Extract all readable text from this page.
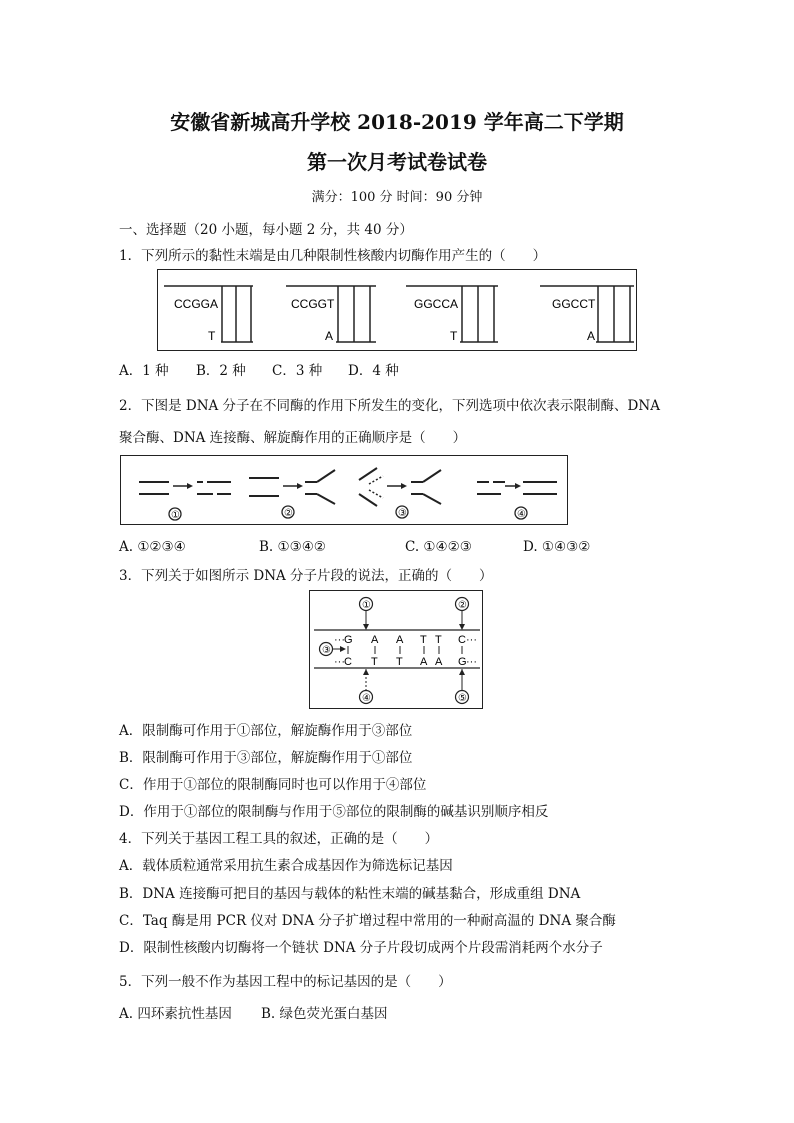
安徽省新城高升学校 2018-2019 学年高二下学期
第一次月考试卷试卷
满分：100 分 时间：90 分钟
一、选择题（20 小题，每小题 2 分，共 40 分）
1．下列所示的黏性末端是由几种限制性核酸内切酶作用产生的（　　）
CCGGA
T
CCGGT
A
GGCCA
T
GGCCT
A
A．1 种 B．2 种 C．3 种 D．4 种
2．下图是 DNA 分子在不同酶的作用下所发生的变化，下列选项中依次表示限制酶、DNA
聚合酶、DNA 连接酶、解旋酶作用的正确顺序是（　　）
①	②	③	④
A. ①②③④	B. ①③④②	C. ①④②③	D. ①④③②
3．下列关于如图所示 DNA 分子片段的说法，正确的（　　）
··· G A A T T C ···
··· C T T A A G ···
①	②
③
④	⑤
A．限制酶可作用于①部位，解旋酶作用于③部位
B．限制酶可作用于③部位，解旋酶作用于①部位
C．作用于①部位的限制酶同时也可以作用于④部位
D．作用于①部位的限制酶与作用于⑤部位的限制酶的碱基识别顺序相反
4．下列关于基因工程工具的叙述，正确的是（　　）
A．载体质粒通常采用抗生素合成基因作为筛选标记基因
B．DNA 连接酶可把目的基因与载体的粘性末端的碱基黏合，形成重组 DNA
C．Taq 酶是用 PCR 仪对 DNA 分子扩增过程中常用的一种耐高温的 DNA 聚合酶
D．限制性核酸内切酶将一个链状 DNA 分子片段切成两个片段需消耗两个水分子
5．下列一般不作为基因工程中的标记基因的是（　　）
A. 四环素抗性基因 B. 绿色荧光蛋白基因
